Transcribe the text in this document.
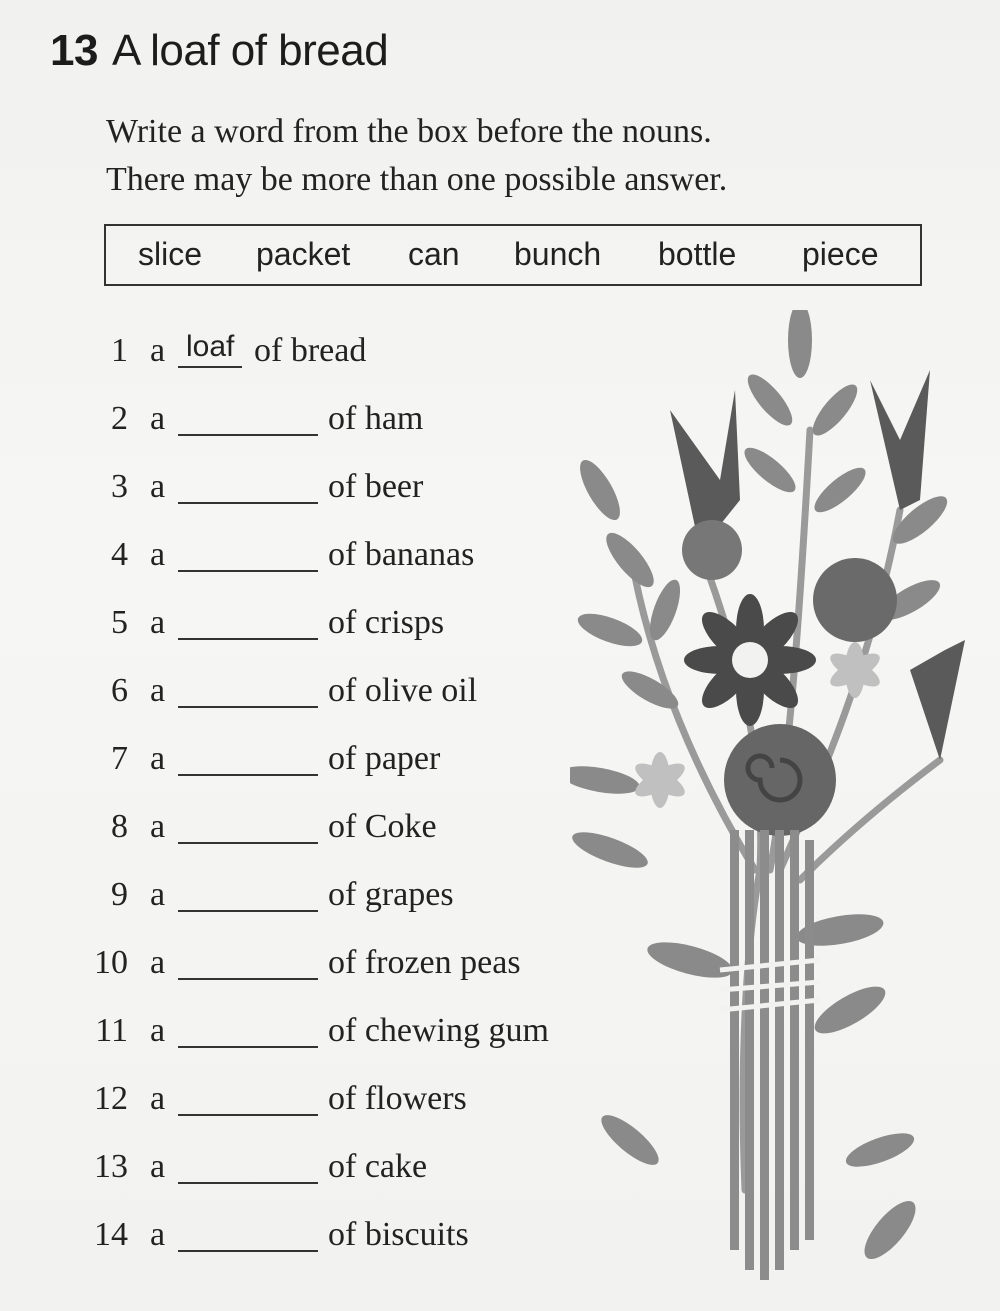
13 A loaf of bread
Write a word from the box before the nouns.
There may be more than one possible answer.
slice packet can bunch bottle piece
1 a loaf of bread
2 a	of ham
3 a	of beer
4 a	of bananas
5 a	of crisps
6 a	of olive oil
7 a	of paper
8 a	of Coke
9 a	of grapes
10 a	of frozen peas
11 a	of chewing gum
12 a	of flowers
13 a	of cake
14 a	of biscuits
